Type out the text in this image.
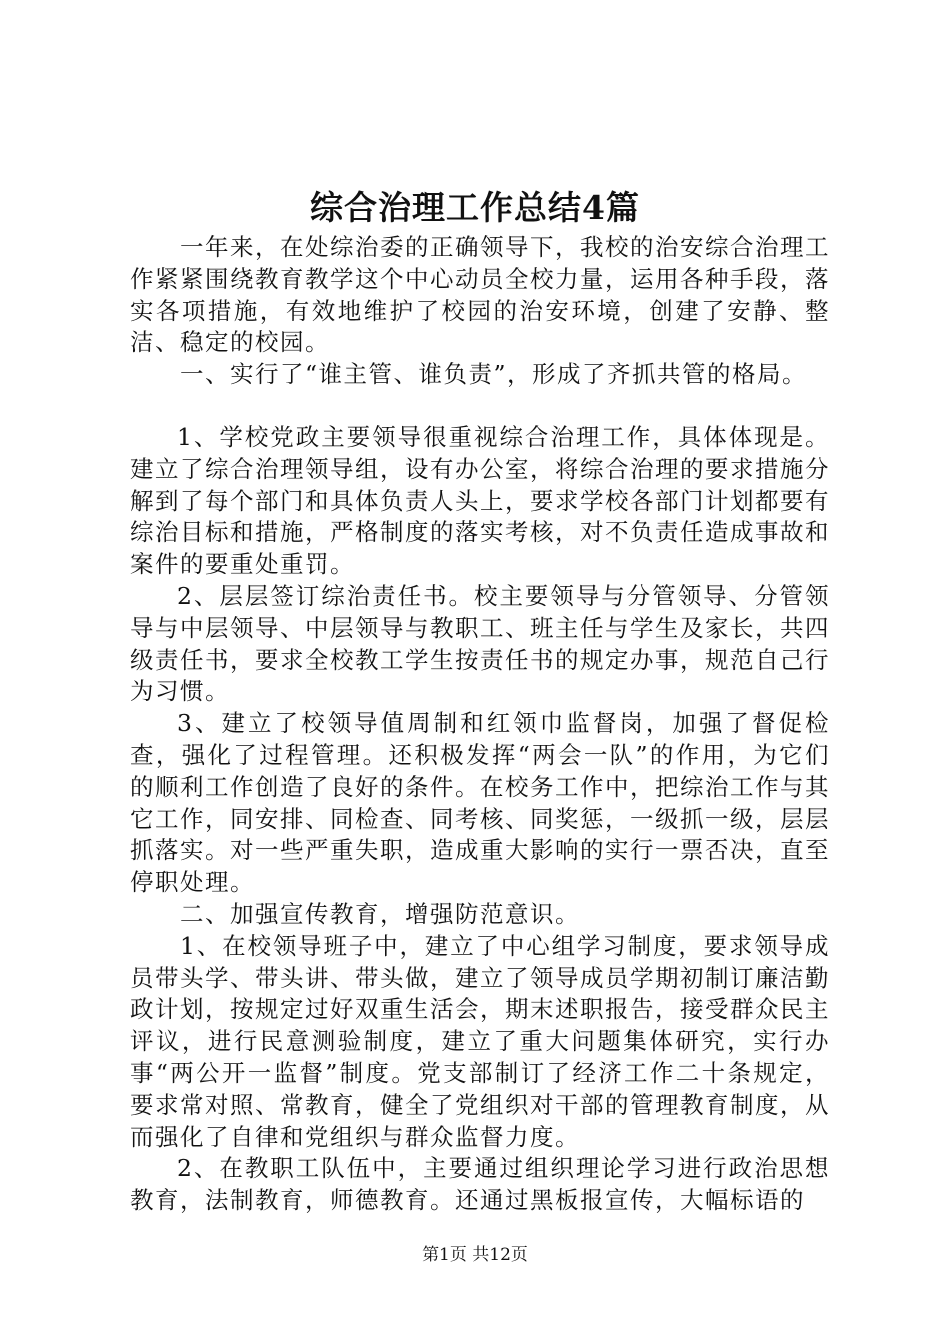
综合治理工作总结4篇

一年来，在处综治委的正确领导下，我校的治安综合治理工作紧紧围绕教育教学这个中心动员全校力量，运用各种手段，落实各项措施，有效地维护了校园的治安环境，创建了安静、整洁、稳定的校园。

一、实行了“谁主管、谁负责”，形成了齐抓共管的格局。

1、学校党政主要领导很重视综合治理工作，具体体现是。建立了综合治理领导组，设有办公室，将综合治理的要求措施分解到了每个部门和具体负责人头上，要求学校各部门计划都要有综治目标和措施，严格制度的落实考核，对不负责任造成事故和案件的要重处重罚。

2、层层签订综治责任书。校主要领导与分管领导、分管领导与中层领导、中层领导与教职工、班主任与学生及家长，共四级责任书，要求全校教工学生按责任书的规定办事，规范自己行为习惯。

3、建立了校领导值周制和红领巾监督岗，加强了督促检查，强化了过程管理。还积极发挥“两会一队”的作用，为它们的顺利工作创造了良好的条件。在校务工作中，把综治工作与其它工作，同安排、同检查、同考核、同奖惩，一级抓一级，层层抓落实。对一些严重失职，造成重大影响的实行一票否决，直至停职处理。

二、加强宣传教育，增强防范意识。

1、在校领导班子中，建立了中心组学习制度，要求领导成员带头学、带头讲、带头做，建立了领导成员学期初制订廉洁勤政计划，按规定过好双重生活会，期末述职报告，接受群众民主评议，进行民意测验制度，建立了重大问题集体研究，实行办事“两公开一监督”制度。党支部制订了经济工作二十条规定，要求常对照、常教育，健全了党组织对干部的管理教育制度，从而强化了自律和党组织与群众监督力度。

2、在教职工队伍中，主要通过组织理论学习进行政治思想教育，法制教育，师德教育。还通过黑板报宣传，大幅标语的

第1页 共12页
